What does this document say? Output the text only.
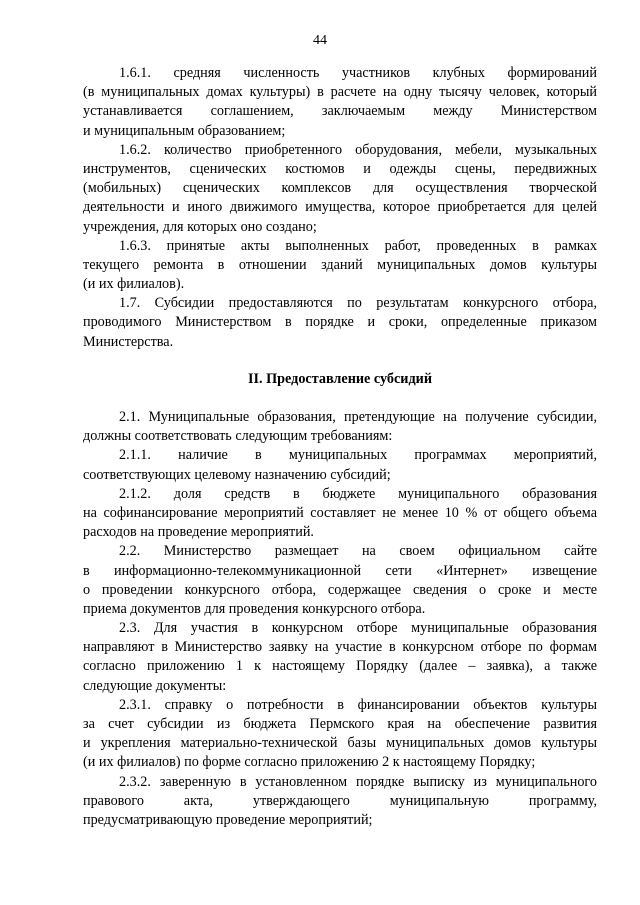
44
1.6.1. средняя численность участников клубных формирований
(в муниципальных домах культуры) в расчете на одну тысячу человек, который
устанавливается соглашением, заключаемым между Министерством
и муниципальным образованием;
1.6.2. количество приобретенного оборудования, мебели, музыкальных
инструментов, сценических костюмов и одежды сцены, передвижных
(мобильных) сценических комплексов для осуществления творческой
деятельности и иного движимого имущества, которое приобретается для целей
учреждения, для которых оно создано;
1.6.3. принятые акты выполненных работ, проведенных в рамках
текущего ремонта в отношении зданий муниципальных домов культуры
(и их филиалов).
1.7. Субсидии предоставляются по результатам конкурсного отбора,
проводимого Министерством в порядке и сроки, определенные приказом
Министерства.
II. Предоставление субсидий
2.1. Муниципальные образования, претендующие на получение субсидии,
должны соответствовать следующим требованиям:
2.1.1. наличие в муниципальных программах мероприятий,
соответствующих целевому назначению субсидий;
2.1.2. доля средств в бюджете муниципального образования
на софинансирование мероприятий составляет не менее 10 % от общего объема
расходов на проведение мероприятий.
2.2. Министерство размещает на своем официальном сайте
в информационно-телекоммуникационной сети «Интернет» извещение
о проведении конкурсного отбора, содержащее сведения о сроке и месте
приема документов для проведения конкурсного отбора.
2.3. Для участия в конкурсном отборе муниципальные образования
направляют в Министерство заявку на участие в конкурсном отборе по формам
согласно приложению 1 к настоящему Порядку (далее – заявка), а также
следующие документы:
2.3.1. справку о потребности в финансировании объектов культуры
за счет субсидии из бюджета Пермского края на обеспечение развития
и укрепления материально-технической базы муниципальных домов культуры
(и их филиалов) по форме согласно приложению 2 к настоящему Порядку;
2.3.2. заверенную в установленном порядке выписку из муниципального
правового акта, утверждающего муниципальную программу,
предусматривающую проведение мероприятий;
